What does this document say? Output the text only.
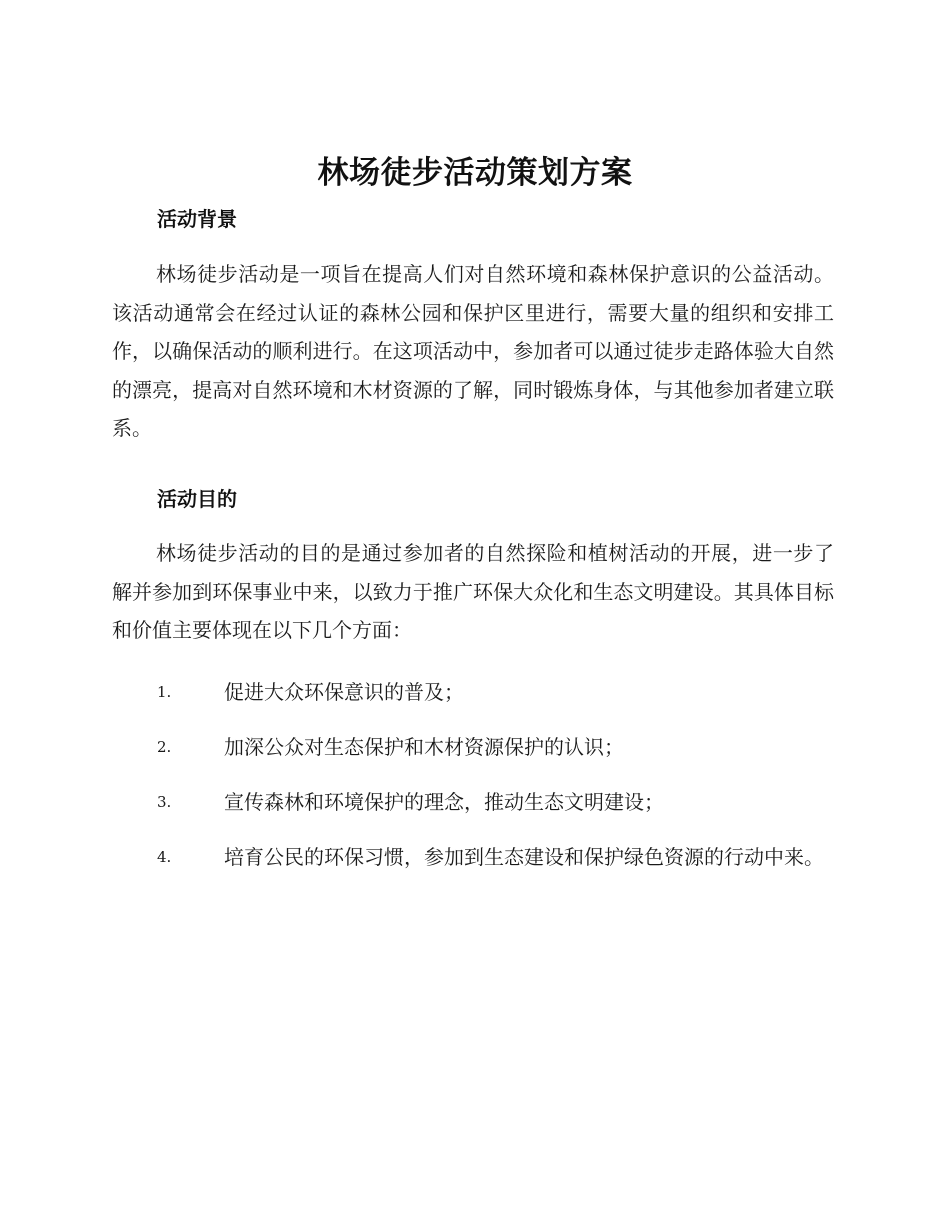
林场徒步活动策划方案
活动背景

林场徒步活动是一项旨在提高人们对自然环境和森林保护意识的公益活动。该活动通常会在经过认证的森林公园和保护区里进行，需要大量的组织和安排工作，以确保活动的顺利进行。在这项活动中，参加者可以通过徒步走路体验大自然的漂亮，提高对自然环境和木材资源的了解，同时锻炼身体，与其他参加者建立联系。

活动目的

林场徒步活动的目的是通过参加者的自然探险和植树活动的开展，进一步了解并参加到环保事业中来，以致力于推广环保大众化和生态文明建设。其具体目标和价值主要体现在以下几个方面：

1.	促进大众环保意识的普及；
2.	加深公众对生态保护和木材资源保护的认识；
3.	宣传森林和环境保护的理念，推动生态文明建设；
4.	培育公民的环保习惯，参加到生态建设和保护绿色资源的行动中来。
